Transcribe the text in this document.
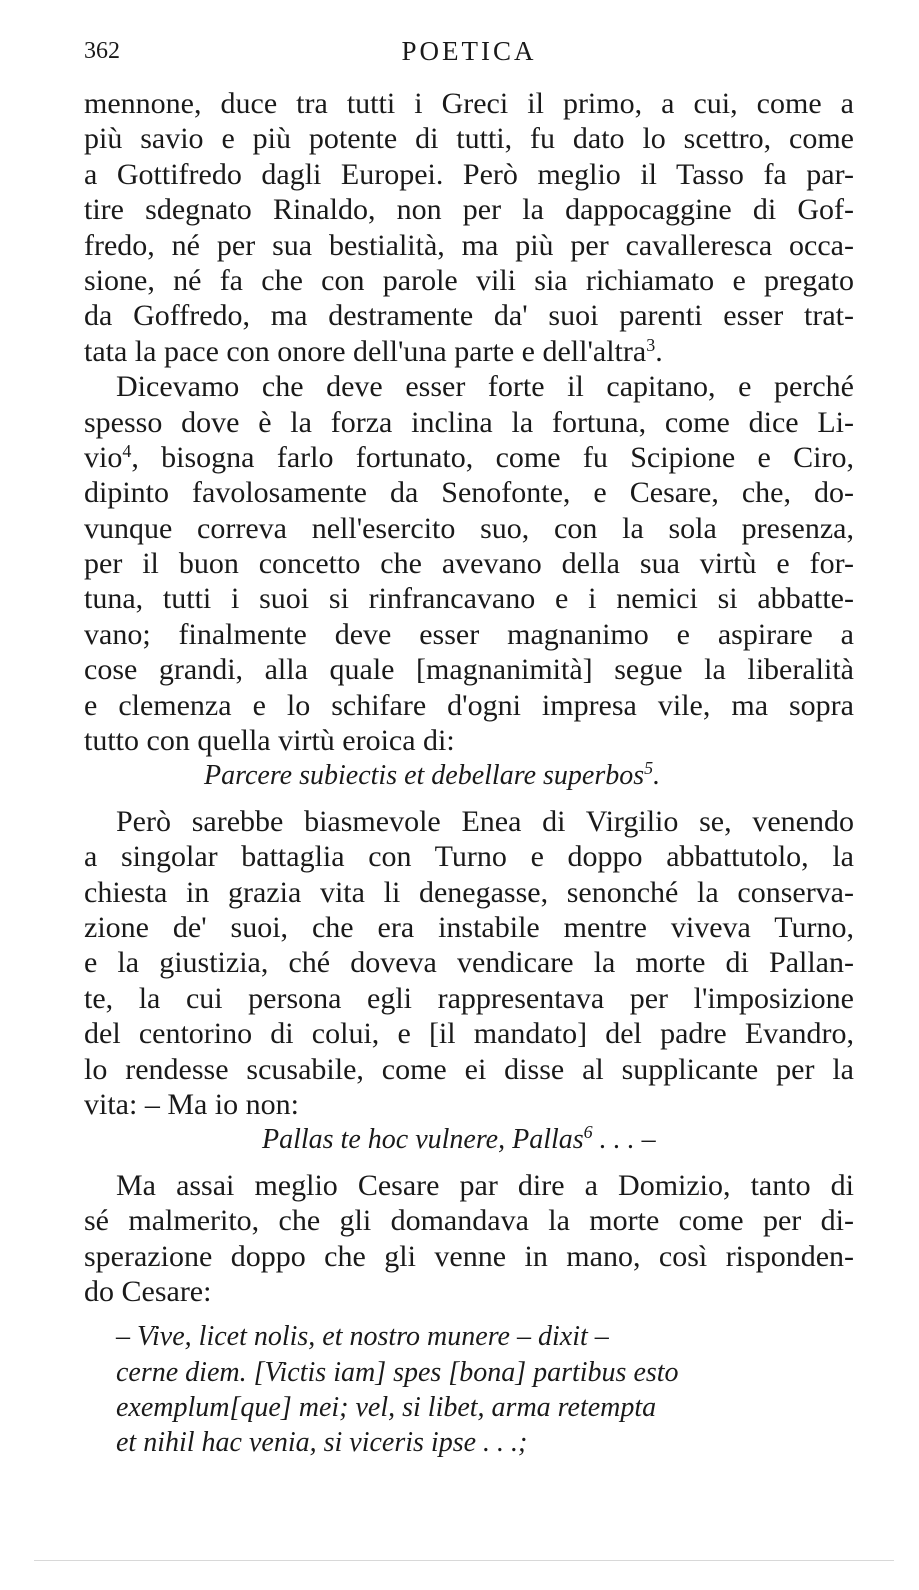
362	POETICA
mennone, duce tra tutti i Greci il primo, a cui, come a
più savio e più potente di tutti, fu dato lo scettro, come
a Gottifredo dagli Europei. Però meglio il Tasso fa par-
tire sdegnato Rinaldo, non per la dappocaggine di Gof-
fredo, né per sua bestialità, ma più per cavalleresca occa-
sione, né fa che con parole vili sia richiamato e pregato
da Goffredo, ma destramente da' suoi parenti esser trat-
tata la pace con onore dell'una parte e dell'altra$^3$.
Dicevamo che deve esser forte il capitano, e perché
spesso dove è la forza inclina la fortuna, come dice Li-
vio$^4$, bisogna farlo fortunato, come fu Scipione e Ciro,
dipinto favolosamente da Senofonte, e Cesare, che, do-
vunque correva nell'esercito suo, con la sola presenza,
per il buon concetto che avevano della sua virtù e for-
tuna, tutti i suoi si rinfrancavano e i nemici si abbatte-
vano; finalmente deve esser magnanimo e aspirare a
cose grandi, alla quale [magnanimità] segue la liberalità
e clemenza e lo schifare d'ogni impresa vile, ma sopra
tutto con quella virtù eroica di:
Parcere subiectis et debellare superbos$^5$.
Però sarebbe biasmevole Enea di Virgilio se, venendo
a singolar battaglia con Turno e doppo abbattutolo, la
chiesta in grazia vita li denegasse, senonché la conserva-
zione de' suoi, che era instabile mentre viveva Turno,
e la giustizia, ché doveva vendicare la morte di Pallan-
te, la cui persona egli rappresentava per l'imposizione
del centorino di colui, e [il mandato] del padre Evandro,
lo rendesse scusabile, come ei disse al supplicante per la
vita: – Ma io non:
Pallas te hoc vulnere, Pallas$^6$ . . . –
Ma assai meglio Cesare par dire a Domizio, tanto di
sé malmerito, che gli domandava la morte come per di-
sperazione doppo che gli venne in mano, così risponden-
do Cesare:
– Vive, licet nolis, et nostro munere – dixit –
cerne diem. [Victis iam] spes [bona] partibus esto
exemplum[que] mei; vel, si libet, arma retempta
et nihil hac venia, si viceris ipse . . .;
